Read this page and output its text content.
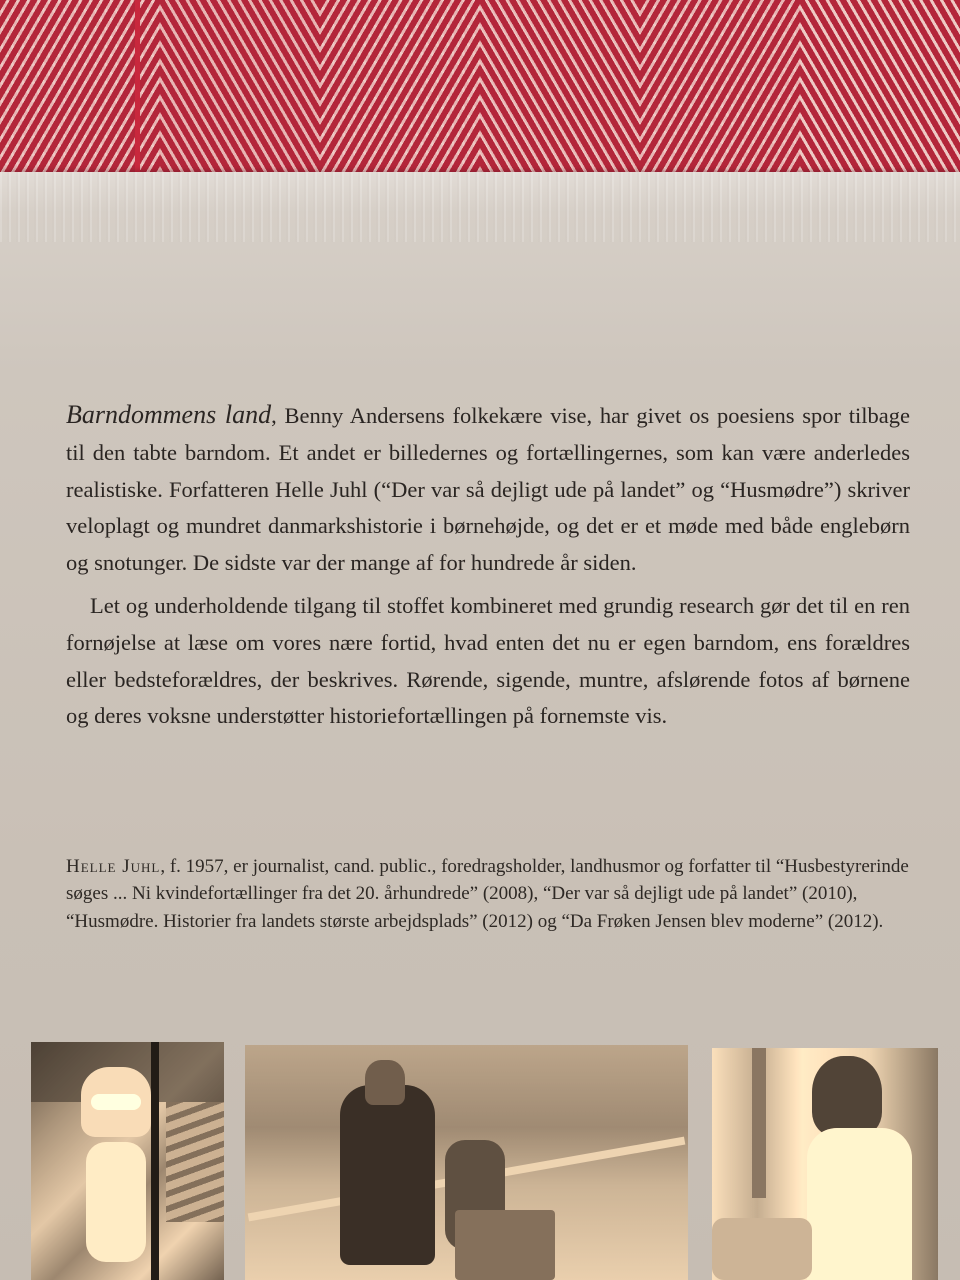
Barndommens land, Benny Andersens folkekære vise, har givet os poesiens spor tilbage til den tabte barndom. Et andet er billedernes og fortællingernes, som kan være anderledes realistiske. Forfatteren Helle Juhl (“Der var så dejligt ude på landet” og “Husmødre”) skriver veloplagt og mundret danmarkshistorie i børnehøjde, og det er et møde med både englebørn og snotunger. De sidste var der mange af for hundrede år siden.

Let og underholdende tilgang til stoffet kombineret med grundig research gør det til en ren fornøjelse at læse om vores nære fortid, hvad enten det nu er egen barndom, ens forældres eller bedsteforældres, der beskrives. Rørende, sigende, muntre, afslørende fotos af børnene og deres voksne understøtter historiefortællingen på fornemste vis.

Helle Juhl, f. 1957, er journalist, cand. public., foredragsholder, landhusmor og forfatter til “Husbestyrerinde søges ... Ni kvindefortællinger fra det 20. århundrede” (2008), “Der var så dejligt ude på landet” (2010), “Husmødre. Historier fra landets største arbejdsplads” (2012) og “Da Frøken Jensen blev moderne” (2012).
